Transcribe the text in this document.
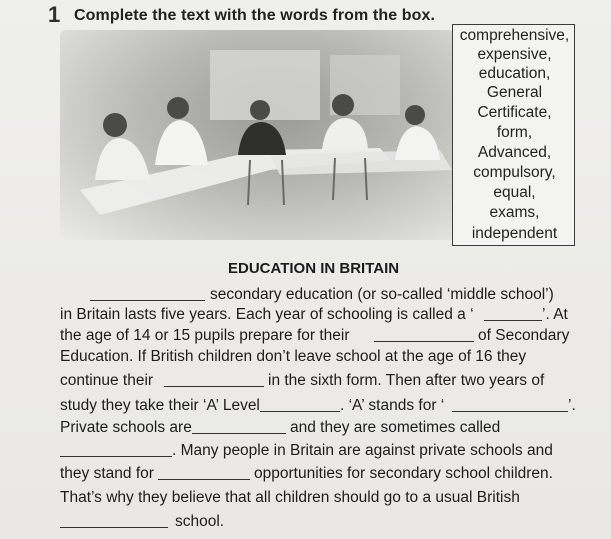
1 Complete the text with the words from the box.
comprehensive,
expensive,
education,
General
Certificate,
form,
Advanced,
compulsory,
equal,
exams,
independent
EDUCATION IN BRITAIN
secondary education (or so-called ‘middle school’)
in Britain lasts five years. Each year of schooling is called a ‘	’. At
the age of 14 or 15 pupils prepare for their	of Secondary
Education. If British children don’t leave school at the age of 16 they
continue their	in the sixth form. Then after two years of
study they take their ‘A’ Level	. ‘A’ stands for ‘	’.
Private schools are	and they are sometimes called
. Many people in Britain are against private schools and
they stand for	opportunities for secondary school children.
That’s why they believe that all children should go to a usual British
school.
